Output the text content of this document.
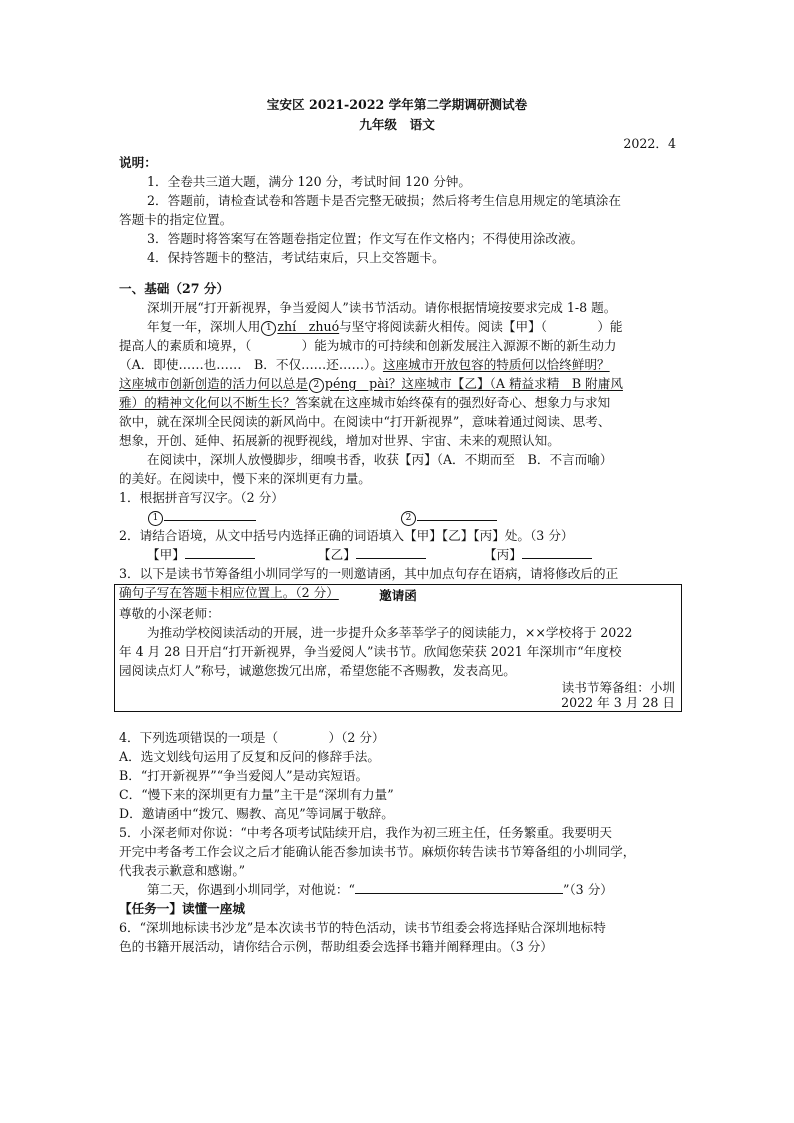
宝安区 2021-2022 学年第二学期调研测试卷
九年级　语文
2022．4
说明：
1．全卷共三道大题，满分 120 分，考试时间 120 分钟。
2．答题前，请检查试卷和答题卡是否完整无破损；然后将考生信息用规定的笔填涂在
答题卡的指定位置。
3．答题时将答案写在答题卷指定位置；作文写在作文格内；不得使用涂改液。
4．保持答题卡的整洁，考试结束后，只上交答题卡。
一、基础（27 分）
深圳开展“打开新视界，争当爱阅人”读书节活动。请你根据情境按要求完成 1-8 题。
年复一年，深圳人用 1 zhí　zhuó与坚守将阅读薪火相传。阅读【甲】（　　　　）能
提高人的素质和境界，（　　　　）能为城市的可持续和创新发展注入源源不断的新生动力
（A．即使……也……　B．不仅……还……）。这座城市开放包容的特质何以恰终鲜明？
这座城市创新创造的活力何以总是 2 péng　pài？这座城市【乙】（A 精益求精　B 附庸风
雅）的精神文化何以不断生长？答案就在这座城市始终葆有的强烈好奇心、想象力与求知
欲中，就在深圳全民阅读的新风尚中。在阅读中“打开新视界”，意味着通过阅读、思考、
想象，开创、延伸、拓展新的视野视线，增加对世界、宇宙、未来的观照认知。
在阅读中，深圳人放慢脚步，细嗅书香，收获【丙】（A．不期而至　B．不言而喻）
的美好。在阅读中，慢下来的深圳更有力量。
1．根据拼音写汉字。（2 分）
1	2
2．请结合语境，从文中括号内选择正确的词语填入【甲】【乙】【丙】处。（3 分）
【甲】	【乙】	【丙】
3．以下是读书节筹备组小圳同学写的一则邀请函，其中加点句存在语病，请将修改后的正
确句子写在答题卡相应位置上。（2 分）	邀请函
尊敬的小深老师：
为推动学校阅读活动的开展，进一步提升众多莘莘学子的阅读能力，××学校将于 2022
年 4 月 28 日开启“打开新视界，争当爱阅人”读书节。欣闻您荣获 2021 年深圳市“年度校
园阅读点灯人”称号，诚邀您拨冗出席，希望您能不吝赐教，发表高见。
读书节筹备组：小圳
2022 年 3 月 28 日
4．下列选项错误的一项是（　　　　）（2 分）
A．选文划线句运用了反复和反问的修辞手法。
B．“打开新视界”“争当爱阅人”是动宾短语。
C．“慢下来的深圳更有力量”主干是“深圳有力量”
D．邀请函中“拨冗、赐教、高见”等词属于敬辞。
5．小深老师对你说：“中考各项考试陆续开启，我作为初三班主任，任务繁重。我要明天
开完中考备考工作会议之后才能确认能否参加读书节。麻烦你转告读书节筹备组的小圳同学，
代我表示歉意和感谢。”
第二天，你遇到小圳同学，对他说：“	”（3 分）
【任务一】读懂一座城
6．“深圳地标读书沙龙”是本次读书节的特色活动，读书节组委会将选择贴合深圳地标特
色的书籍开展活动，请你结合示例，帮助组委会选择书籍并阐释理由。（3 分）
